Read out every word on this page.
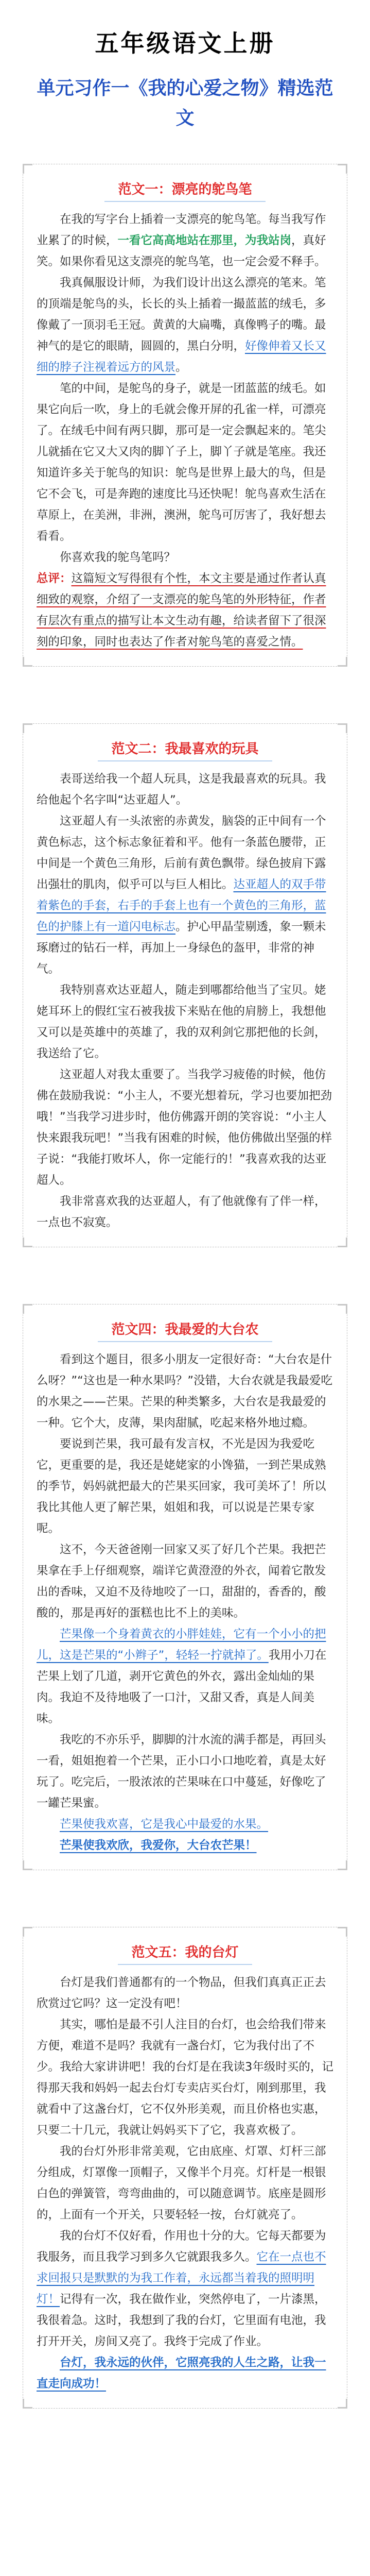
五年级语文上册
单元习作一《我的心爱之物》精选范文
范文一：漂亮的鸵鸟笔

在我的写字台上插着一支漂亮的鸵鸟笔。每当我写作业累了的时候，一看它高高地站在那里，为我站岗，真好笑。如果你看见这支漂亮的鸵鸟笔，也一定会爱不释手。

我真佩服设计师，为我们设计出这么漂亮的笔来。笔的顶端是鸵鸟的头，长长的头上插着一撮蓝蓝的绒毛，多像戴了一顶羽毛王冠。黄黄的大扁嘴，真像鸭子的嘴。最神气的是它的眼睛，圆圆的，黑白分明，好像伸着又长又细的脖子注视着远方的风景。

笔的中间，是鸵鸟的身子，就是一团蓝蓝的绒毛。如果它向后一吹，身上的毛就会像开屏的孔雀一样，可漂亮了。在绒毛中间有两只脚，那可是一定会飘起来的。笔尖儿就插在它又大又肉的脚丫子上，脚丫子就是笔座。我还知道许多关于鸵鸟的知识：鸵鸟是世界上最大的鸟，但是它不会飞，可是奔跑的速度比马还快呢！鸵鸟喜欢生活在草原上，在美洲，非洲，澳洲，鸵鸟可厉害了，我好想去看看。

你喜欢我的鸵鸟笔吗？

总评：这篇短文写得很有个性，本文主要是通过作者认真细致的观察，介绍了一支漂亮的鸵鸟笔的外形特征，作者有层次有重点的描写让本文生动有趣，给读者留下了很深刻的印象，同时也表达了作者对鸵鸟笔的喜爱之情。

范文二：我最喜欢的玩具

表哥送给我一个超人玩具，这是我最喜欢的玩具。我给他起个名字叫“达亚超人”。

这亚超人有一头浓密的赤黄发，脑袋的正中间有一个黄色标志，这个标志象征着和平。他有一条蓝色腰带，正中间是一个黄色三角形，后前有黄色飘带。绿色披肩下露出强壮的肌肉，似乎可以与巨人相比。达亚超人的双手带着紫色的手套，右手的手套上也有一个黄色的三角形，蓝色的护膝上有一道闪电标志。护心甲晶莹剔透，象一颗未琢磨过的钻石一样，再加上一身绿色的盔甲，非常的神气。

我特别喜欢达亚超人，随走到哪都给他当了宝贝。姥姥耳环上的假红宝石被我拔下来贴在他的肩膀上，我想他又可以是英雄中的英雄了，我的双利剑它那把他的长剑，我送给了它。

这亚超人对我太重要了。当我学习疲倦的时候，他仿佛在鼓励我说：“小主人，不要光想着玩，学习也要加把劲哦！”当我学习进步时，他仿佛露开朗的笑容说：“小主人快来跟我玩吧！”当我有困难的时候，他仿佛做出坚强的样子说：“我能打败坏人，你一定能行的！”我喜欢我的达亚超人。

我非常喜欢我的达亚超人，有了他就像有了伴一样，一点也不寂寞。

范文四：我最爱的大台农

看到这个题目，很多小朋友一定很好奇：“大台农是什么呀？”“这也是一种水果吗？”没错，大台农就是我最爱吃的水果之——芒果。芒果的种类繁多，大台农是我最爱的一种。它个大，皮薄，果肉甜腻，吃起来格外地过瘾。

要说到芒果，我可最有发言权，不光是因为我爱吃它，更重要的是，我还是姥姥家的小馋猫，一到芒果成熟的季节，妈妈就把最大的芒果买回家，我可美坏了！所以我比其他人更了解芒果，姐姐和我，可以说是芒果专家呢。

这不，今天爸爸刚一回家又买了好几个芒果。我把芒果拿在手上仔细观察，端详它黄澄澄的外衣，闻着它散发出的香味，又迫不及待地咬了一口，甜甜的，香香的，酸酸的，那是再好的蛋糕也比不上的美味。

芒果像一个身着黄衣的小胖娃娃，它有一个小小的把儿，这是芒果的“小辫子”，轻轻一拧就掉了。我用小刀在芒果上划了几道，剥开它黄色的外衣，露出金灿灿的果肉。我迫不及待地吸了一口汁，又甜又香，真是人间美味。

我吃的不亦乐乎，脚脚的汁水流的满手都是，再回头一看，姐姐抱着一个芒果，正小口小口地吃着，真是太好玩了。吃完后，一股浓浓的芒果味在口中蔓延，好像吃了一罐芒果蜜。

芒果使我欢喜，它是我心中最爱的水果。

芒果使我欢欣，我爱你，大台农芒果！

范文五：我的台灯

台灯是我们普通都有的一个物品，但我们真真正正去欣赏过它吗？这一定没有吧！

其实，哪怕是最不引人注目的台灯，也会给我们带来方便，难道不是吗？我就有一盏台灯，它为我付出了不少。我给大家讲讲吧！我的台灯是在我读3年级时买的，记得那天我和妈妈一起去台灯专卖店买台灯，刚到那里，我就看中了这盏台灯，它不仅外形美观，而且价格也实惠，只要二十几元，我就让妈妈买下了它，我喜欢极了。

我的台灯外形非常美观，它由底座、灯罩、灯杆三部分组成，灯罩像一顶帽子，又像半个月亮。灯杆是一根银白色的弹簧管，弯弯曲曲的，可以随意调节。底座是圆形的，上面有一个开关，只要轻轻一按，台灯就亮了。

我的台灯不仅好看，作用也十分的大。它每天都要为我服务，而且我学习到多久它就跟我多久。它在一点也不求回报只是默默的为我工作着，永远都当着我的照明明灯！记得有一次，我在做作业，突然停电了，一片漆黑，我很着急。这时，我想到了我的台灯，它里面有电池，我打开开关，房间又亮了。我终于完成了作业。

台灯，我永远的伙伴，它照亮我的人生之路，让我一直走向成功！
